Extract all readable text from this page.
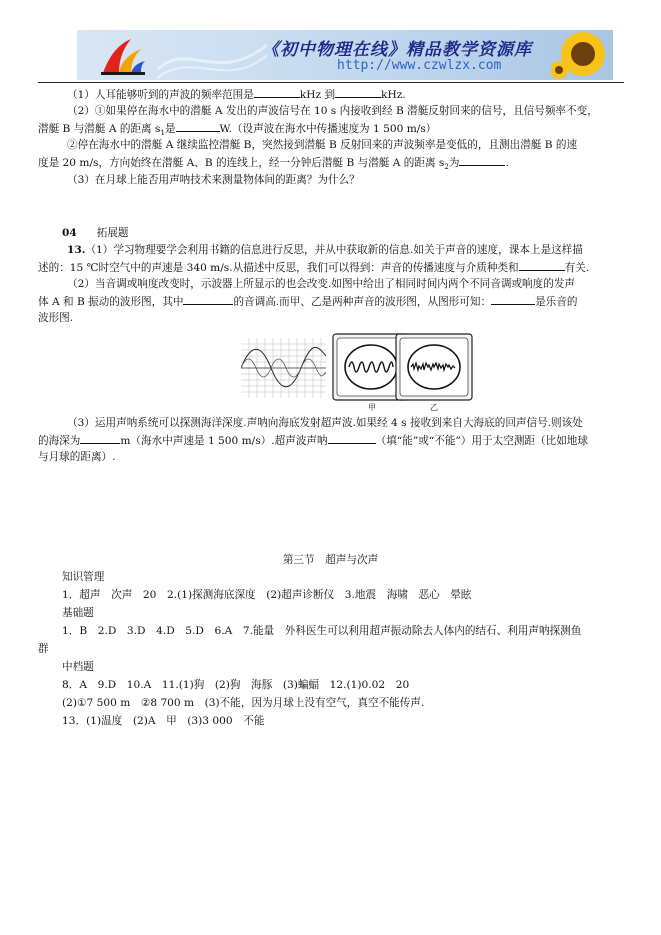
《初中物理在线》精品教学资源库
http://www.czwlzx.com
（1）人耳能够听到的声波的频率范围是	kHz 到	kHz.
（2）①如果停在海水中的潜艇 A 发出的声波信号在 10 s 内接收到经 B 潜艇反射回来的信号，且信号频率不变，
潜艇 B 与潜艇 A 的距离 $s_1$是	W.（设声波在海水中传播速度为 1 500 m/s）
②停在海水中的潜艇 A 继续监控潜艇 B，突然接到潜艇 B 反射回来的声波频率是变低的，且测出潜艇 B 的速
度是 20 m/s，方向始终在潜艇 A、B 的连线上，经一分钟后潜艇 B 与潜艇 A 的距离 $s_2$为	.
（3）在月球上能否用声呐技术来测量物体间的距离？为什么？
04 拓展题
13.（1）学习物理要学会利用书籍的信息进行反思，并从中获取新的信息.如关于声音的速度，课本上是这样描
述的：15 ℃时空气中的声速是 340 m/s.从描述中反思，我们可以得到：声音的传播速度与介质种类和	有关.
（2）当音调或响度改变时，示波器上所显示的也会改变.如图中给出了相同时间内两个不同音调或响度的发声
体 A 和 B 振动的波形图，其中	的音调高.而甲、乙是两种声音的波形图，从图形可知：	是乐音的
波形图.
甲	乙
（3）运用声呐系统可以探测海洋深度.声呐向海底发射超声波.如果经 4 s 接收到来自大海底的回声信号.则该处
的海深为	m（海水中声速是 1 500 m/s）.超声波声呐	（填“能”或“不能”）用于太空测距（比如地球
与月球的距离）.
第三节　超声与次声
知识管理
1．超声　次声　20　2.(1)探测海底深度　(2)超声诊断仪　3.地震　海啸　恶心　晕眩
基础题
1．B　2.D　3.D　4.D　5.D　6.A　7.能量　外科医生可以利用超声振动除去人体内的结石、利用声呐探测鱼
群
中档题
8．A　9.D　10.A　11.(1)狗　(2)狗　海豚　(3)蝙蝠　12.(1)0.02　20
(2)①7 500 m　②8 700 m　(3)不能，因为月球上没有空气，真空不能传声.
13．(1)温度　(2)A　甲　(3)3 000　不能
